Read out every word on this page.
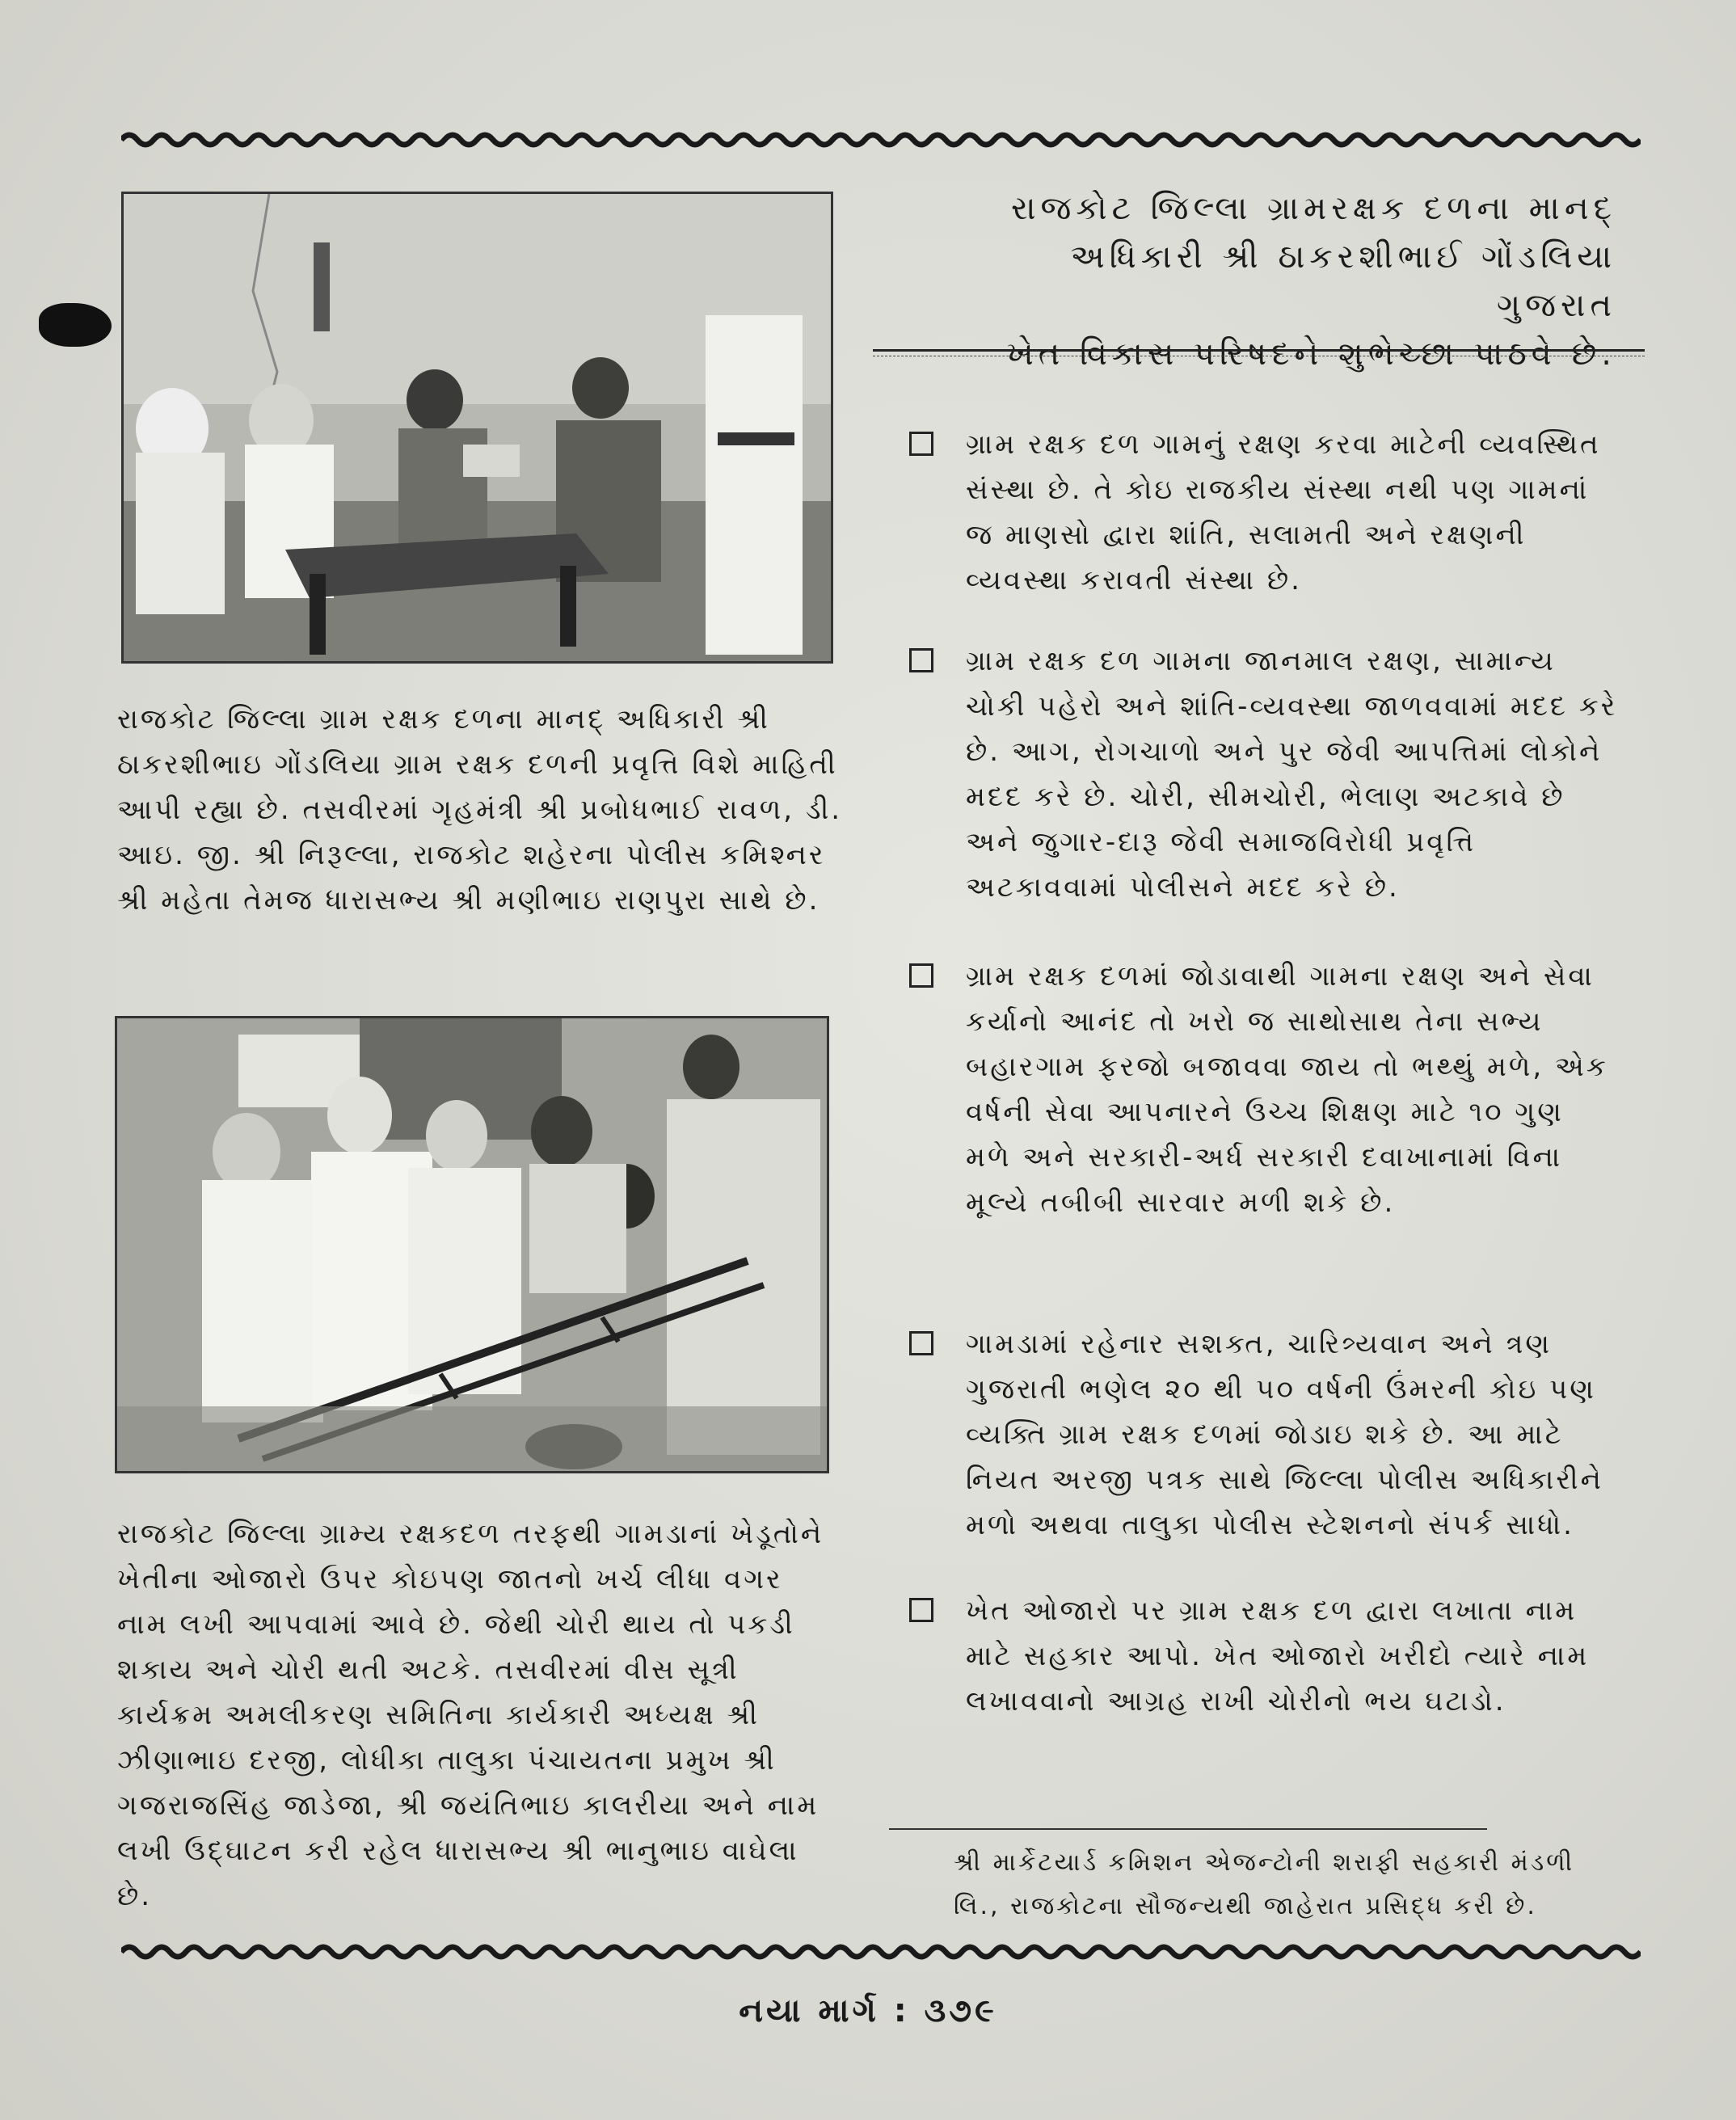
રાજકોટ જિલ્લા ગ્રામ રક્ષક દળના માનદ્ અધિકારી શ્રી ઠાકરશીભાઇ ગોંડલિયા ગ્રામ રક્ષક દળની પ્રવૃત્તિ વિશે માહિતી આપી રહ્યા છે. તસવીરમાં ગૃહમંત્રી શ્રી પ્રબોધભાઈ રાવળ, ડી. આઇ. જી. શ્રી નિરૂલ્લા, રાજકોટ શહેરના પોલીસ કમિશ્નર શ્રી મહેતા તેમજ ધારાસભ્ય શ્રી મણીભાઇ રાણપુરા સાથે છે.
રાજકોટ જિલ્લા ગ્રામ્ય રક્ષકદળ તરફથી ગામડાનાં ખેડૂતોને ખેતીના ઓજારો ઉપર કોઇપણ જાતનો ખર્ચ લીધા વગર નામ લખી આપવામાં આવે છે. જેથી ચોરી થાય તો પકડી શકાય અને ચોરી થતી અટકે. તસવીરમાં વીસ સૂત્રી કાર્યક્રમ અમલીકરણ સમિતિના કાર્યકારી અધ્યક્ષ શ્રી ઝીણાભાઇ દરજી, લોધીકા તાલુકા પંચાયતના પ્રમુખ શ્રી ગજરાજસિંહ જાડેજા, શ્રી જયંતિભાઇ કાલરીયા અને નામ લખી ઉદ્ઘાટન કરી રહેલ ધારાસભ્ય શ્રી ભાનુભાઇ વાઘેલા છે.
રાજકોટ જિલ્લા ગ્રામરક્ષક દળના માનદ્
અધિકારી શ્રી ઠાકરશીભાઈ ગોંડલિયા ગુજરાત
ખેત વિકાસ પરિષદને શુભેચ્છા પાઠવે છે.
ગ્રામ રક્ષક દળ ગામનું રક્ષણ કરવા માટેની વ્યવસ્થિત સંસ્થા છે. તે કોઇ રાજકીય સંસ્થા નથી પણ ગામનાં જ માણસો દ્વારા શાંતિ, સલામતી અને રક્ષણની વ્યવસ્થા કરાવતી સંસ્થા છે.
ગ્રામ રક્ષક દળ ગામના જાનમાલ રક્ષણ, સામાન્ય ચોકી પહેરો અને શાંતિ-વ્યવસ્થા જાળવવામાં મદદ કરે છે. આગ, રોગચાળો અને પુર જેવી આપત્તિમાં લોકોને મદદ કરે છે. ચોરી, સીમચોરી, ભેલાણ અટકાવે છે અને જુગાર-દારૂ જેવી સમાજવિરોધી પ્રવૃત્તિ અટકાવવામાં પોલીસને મદદ કરે છે.
ગ્રામ રક્ષક દળમાં જોડાવાથી ગામના રક્ષણ અને સેવા કર્યાનો આનંદ તો ખરો જ સાથોસાથ તેના સભ્ય બહારગામ ફરજો બજાવવા જાય તો ભથ્થું મળે, એક વર્ષની સેવા આપનારને ઉચ્ચ શિક્ષણ માટે ૧૦ ગુણ મળે અને સરકારી-અર્ધ સરકારી દવાખાનામાં વિના મૂલ્યે તબીબી સારવાર મળી શકે છે.
ગામડામાં રહેનાર સશક્ત, ચારિત્ર્યવાન અને ત્રણ ગુજરાતી ભણેલ ૨૦ થી ૫૦ વર્ષની ઉંમરની કોઇ પણ વ્યક્તિ ગ્રામ રક્ષક દળમાં જોડાઇ શકે છે. આ માટે નિયત અરજી પત્રક સાથે જિલ્લા પોલીસ અધિકારીને મળો અથવા તાલુકા પોલીસ સ્ટેશનનો સંપર્ક સાધો.
ખેત ઓજારો પર ગ્રામ રક્ષક દળ દ્વારા લખાતા નામ માટે સહકાર આપો. ખેત ઓજારો ખરીદો ત્યારે નામ લખાવવાનો આગ્રહ રાખી ચોરીનો ભય ઘટાડો.
શ્રી માર્કેટયાર્ડ કમિશન એજન્ટોની શરાફી સહકારી મંડળી લિ., રાજકોટના સૌજન્યથી જાહેરાત પ્રસિદ્ધ કરી છે.
નયા માર્ગ : ૩૭૯
